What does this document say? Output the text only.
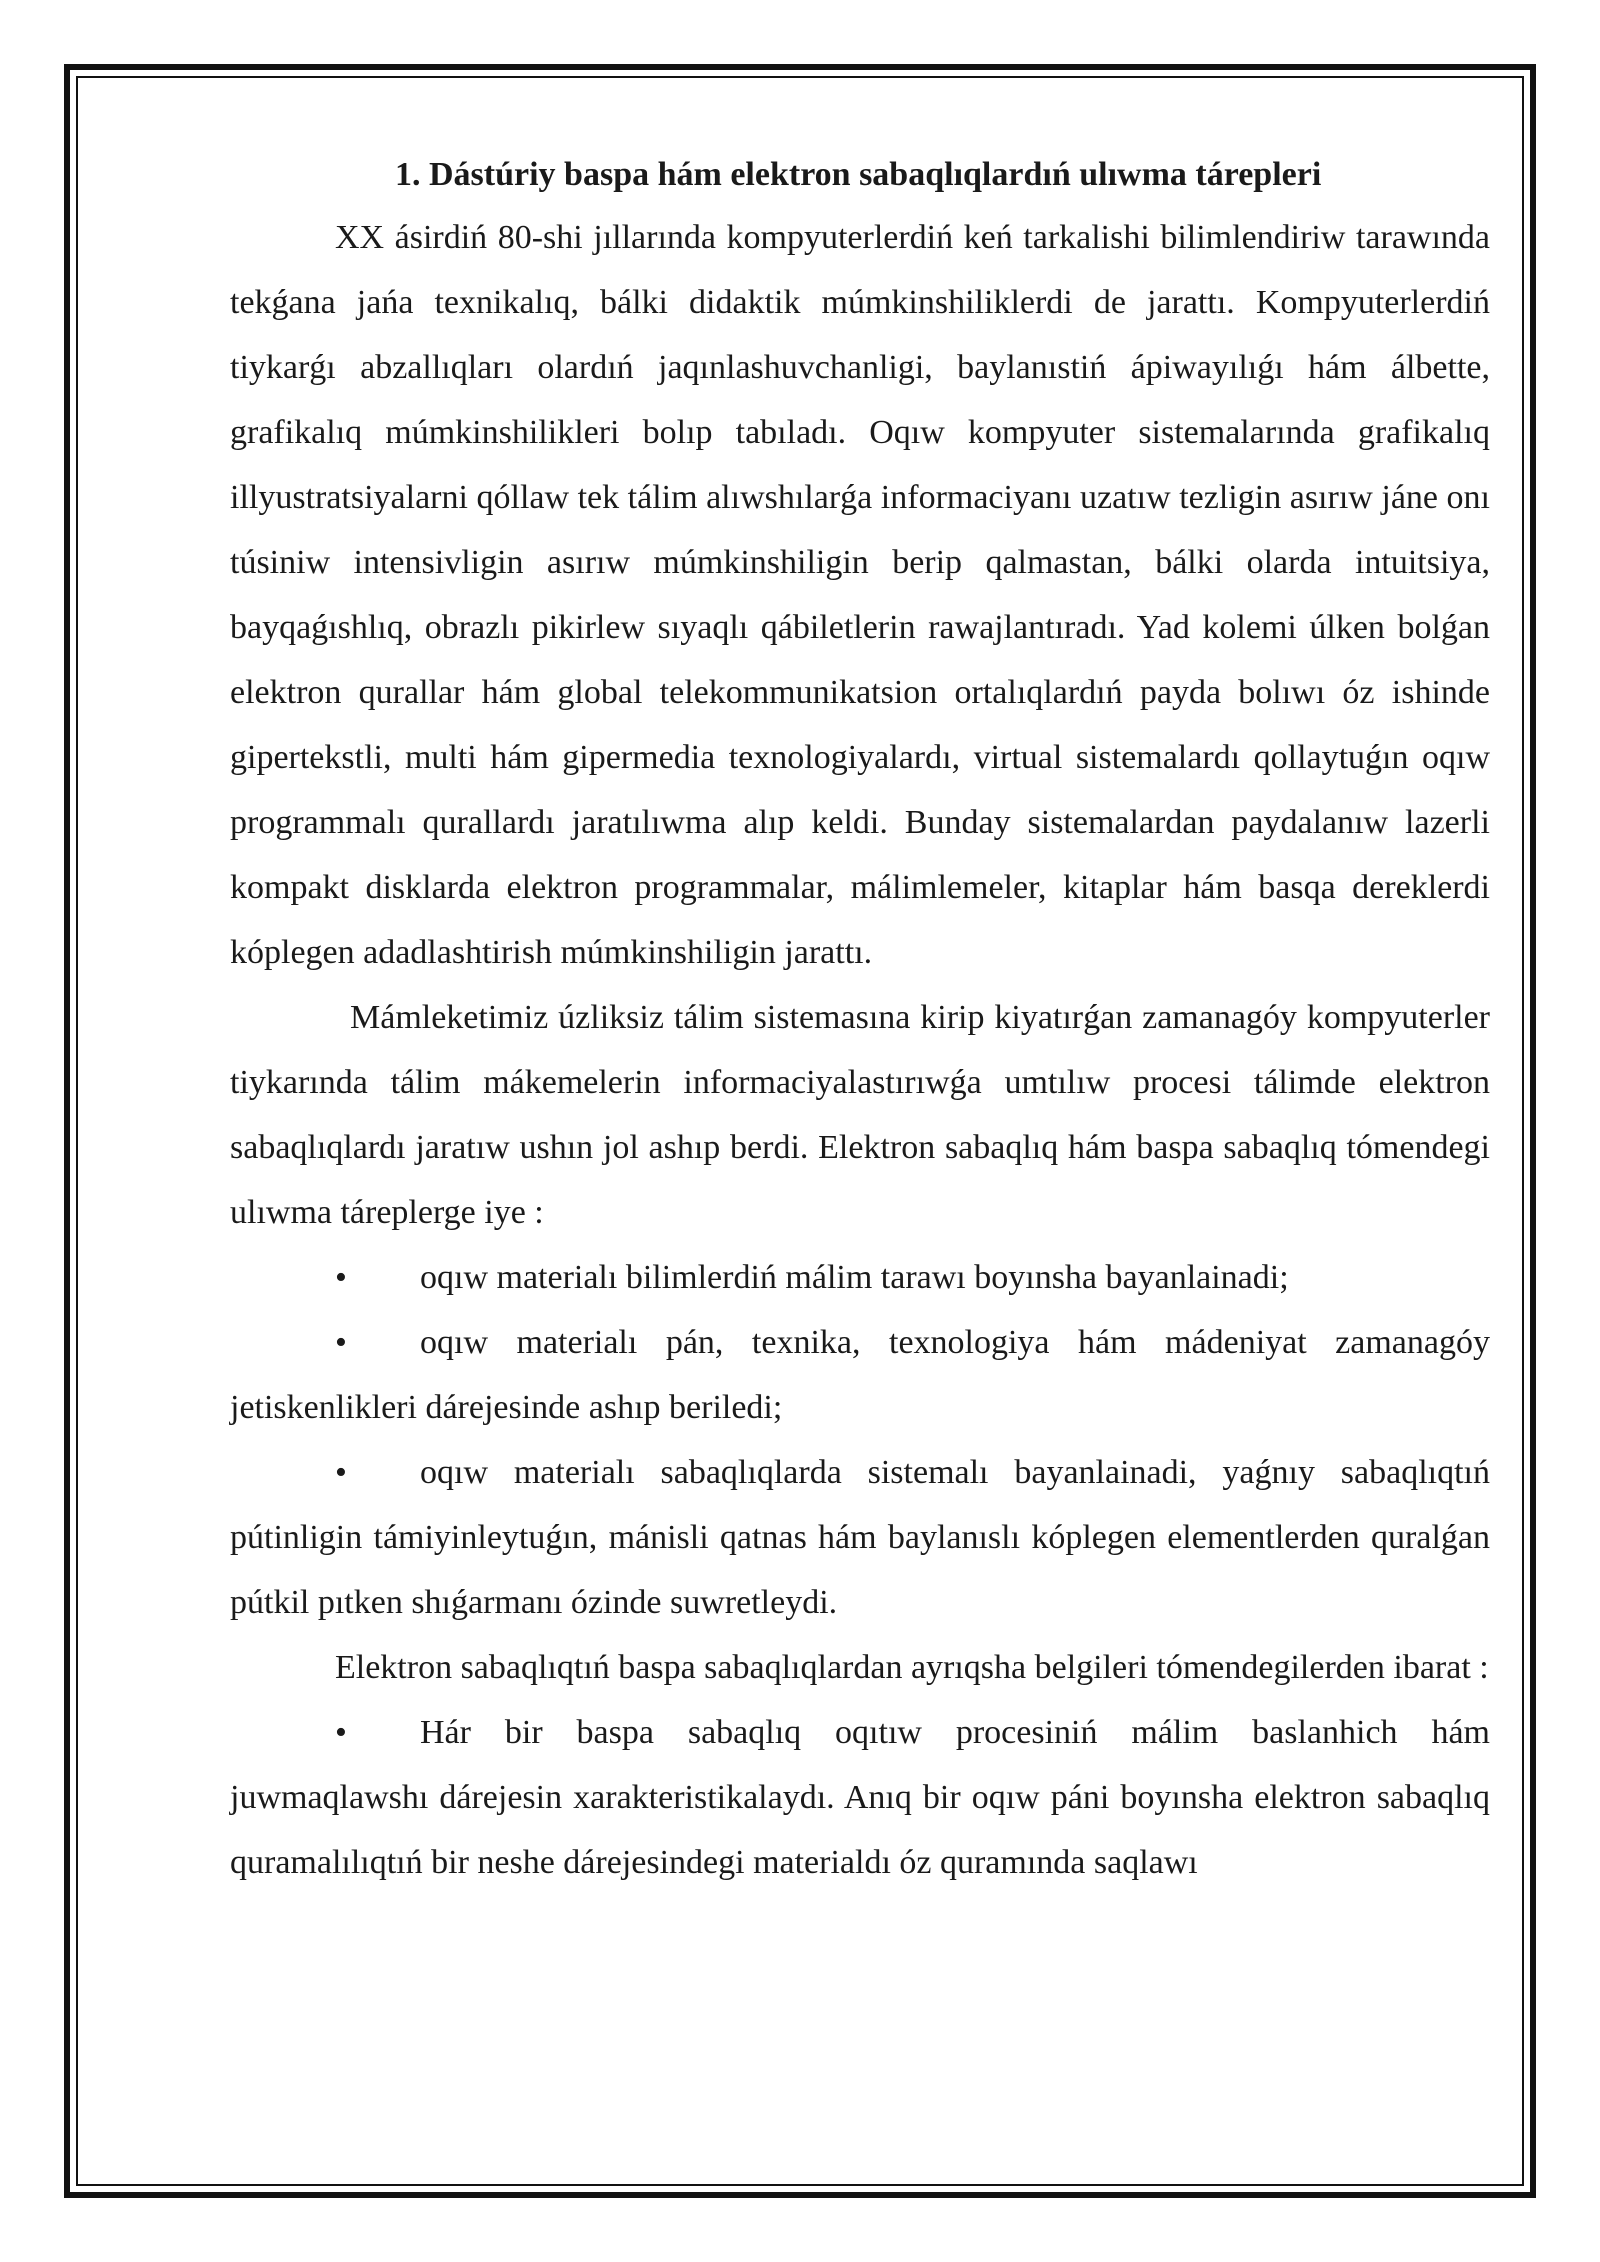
1. Dástúriy baspa hám elektron sabaqlıqlardıń ulıwma tárepleri

XX ásirdiń 80-shi jıllarında kompyuterlerdiń keń tarkalishi bilimlendiriw tarawında tekǵana jańa texnikalıq, bálki didaktik múmkinshiliklerdi de jarattı. Kompyuterlerdiń tiykarǵı abzallıqları olardıń jaqınlashuvchanligi, baylanıstiń ápiwayılıǵı hám álbette, grafikalıq múmkinshilikleri bolıp tabıladı. Oqıw kompyuter sistemalarında grafikalıq illyustratsiyalarni qóllaw tek tálim alıwshılarǵa informaciyanı uzatıw tezligin asırıw jáne onı túsiniw intensivligin asırıw múmkinshiligin berip qalmastan, bálki olarda intuitsiya, bayqaǵıshlıq, obrazlı pikirlew sıyaqlı qábiletlerin rawajlantıradı. Yad kolemi úlken bolǵan elektron qurallar hám global telekommunikatsion ortalıqlardıń payda bolıwı óz ishinde gipertekstli, multi hám gipermedia texnologiyalardı, virtual sistemalardı qollaytuǵın oqıw programmalı qurallardı jaratılıwma alıp keldi. Bunday sistemalardan paydalanıw lazerli kompakt disklarda elektron programmalar, málimlemeler, kitaplar hám basqa dereklerdi kóplegen adadlashtirish múmkinshiligin jarattı.

Mámleketimiz úzliksiz tálim sistemasına kirip kiyatırǵan zamanagóy kompyuterler tiykarında tálim mákemelerin informaciyalastırıwǵa umtılıw procesi tálimde elektron sabaqlıqlardı jaratıw ushın jol ashıp berdi. Elektron sabaqlıq hám baspa sabaqlıq tómendegi ulıwma táreplerge iye :

• oqıw materialı bilimlerdiń málim tarawı boyınsha bayanlainadi;

• oqıw materialı pán, texnika, texnologiya hám mádeniyat zamanagóy jetiskenlikleri dárejesinde ashıp beriledi;

• oqıw materialı sabaqlıqlarda sistemalı bayanlainadi, yaǵnıy sabaqlıqtıń pútinligin támiyinleytuǵın, mánisli qatnas hám baylanıslı kóplegen elementlerden quralǵan pútkil pıtken shıǵarmanı ózinde suwretleydi.

Elektron sabaqlıqtıń baspa sabaqlıqlardan ayrıqsha belgileri tómendegilerden ibarat :

• Hár bir baspa sabaqlıq oqıtıw procesiniń málim baslanhich hám juwmaqlawshı dárejesin xarakteristikalaydı. Anıq bir oqıw páni boyınsha elektron sabaqlıq quramalılıqtıń bir neshe dárejesindegi materialdı óz quramında saqlawı
